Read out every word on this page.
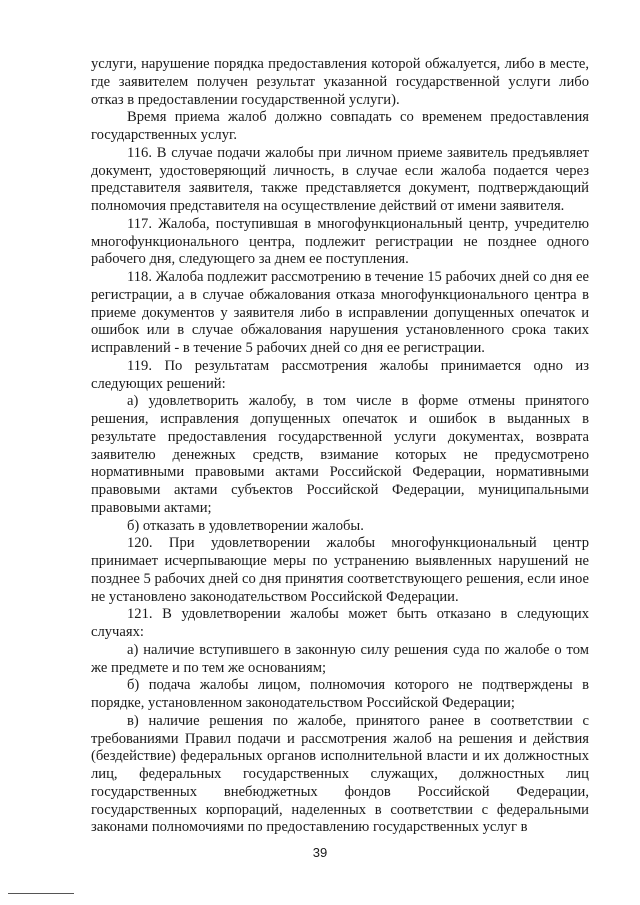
услуги, нарушение порядка предоставления которой обжалуется, либо в месте, где заявителем получен результат указанной государственной услуги либо отказ в предоставлении государственной услуги).

Время приема жалоб должно совпадать со временем предоставления государственных услуг.

116. В случае подачи жалобы при личном приеме заявитель предъявляет документ, удостоверяющий личность, в случае если жалоба подается через представителя заявителя, также представляется документ, подтверждающий полномочия представителя на осуществление действий от имени заявителя.

117. Жалоба, поступившая в многофункциональный центр, учредителю многофункционального центра, подлежит регистрации не позднее одного рабочего дня, следующего за днем ее поступления.

118. Жалоба подлежит рассмотрению в течение 15 рабочих дней со дня ее регистрации, а в случае обжалования отказа многофункционального центра в приеме документов у заявителя либо в исправлении допущенных опечаток и ошибок или в случае обжалования нарушения установленного срока таких исправлений - в течение 5 рабочих дней со дня ее регистрации.

119. По результатам рассмотрения жалобы принимается одно из следующих решений:

а) удовлетворить жалобу, в том числе в форме отмены принятого решения, исправления допущенных опечаток и ошибок в выданных в результате предоставления государственной услуги документах, возврата заявителю денежных средств, взимание которых не предусмотрено нормативными правовыми актами Российской Федерации, нормативными правовыми актами субъектов Российской Федерации, муниципальными правовыми актами;

б) отказать в удовлетворении жалобы.

120. При удовлетворении жалобы многофункциональный центр принимает исчерпывающие меры по устранению выявленных нарушений не позднее 5 рабочих дней со дня принятия соответствующего решения, если иное не установлено законодательством Российской Федерации.

121. В удовлетворении жалобы может быть отказано в следующих случаях:

а) наличие вступившего в законную силу решения суда по жалобе о том же предмете и по тем же основаниям;

б) подача жалобы лицом, полномочия которого не подтверждены в порядке, установленном законодательством Российской Федерации;

в) наличие решения по жалобе, принятого ранее в соответствии с требованиями Правил подачи и рассмотрения жалоб на решения и действия (бездействие) федеральных органов исполнительной власти и их должностных лиц, федеральных государственных служащих, должностных лиц государственных внебюджетных фондов Российской Федерации, государственных корпораций, наделенных в соответствии с федеральными законами полномочиями по предоставлению государственных услуг в

39
